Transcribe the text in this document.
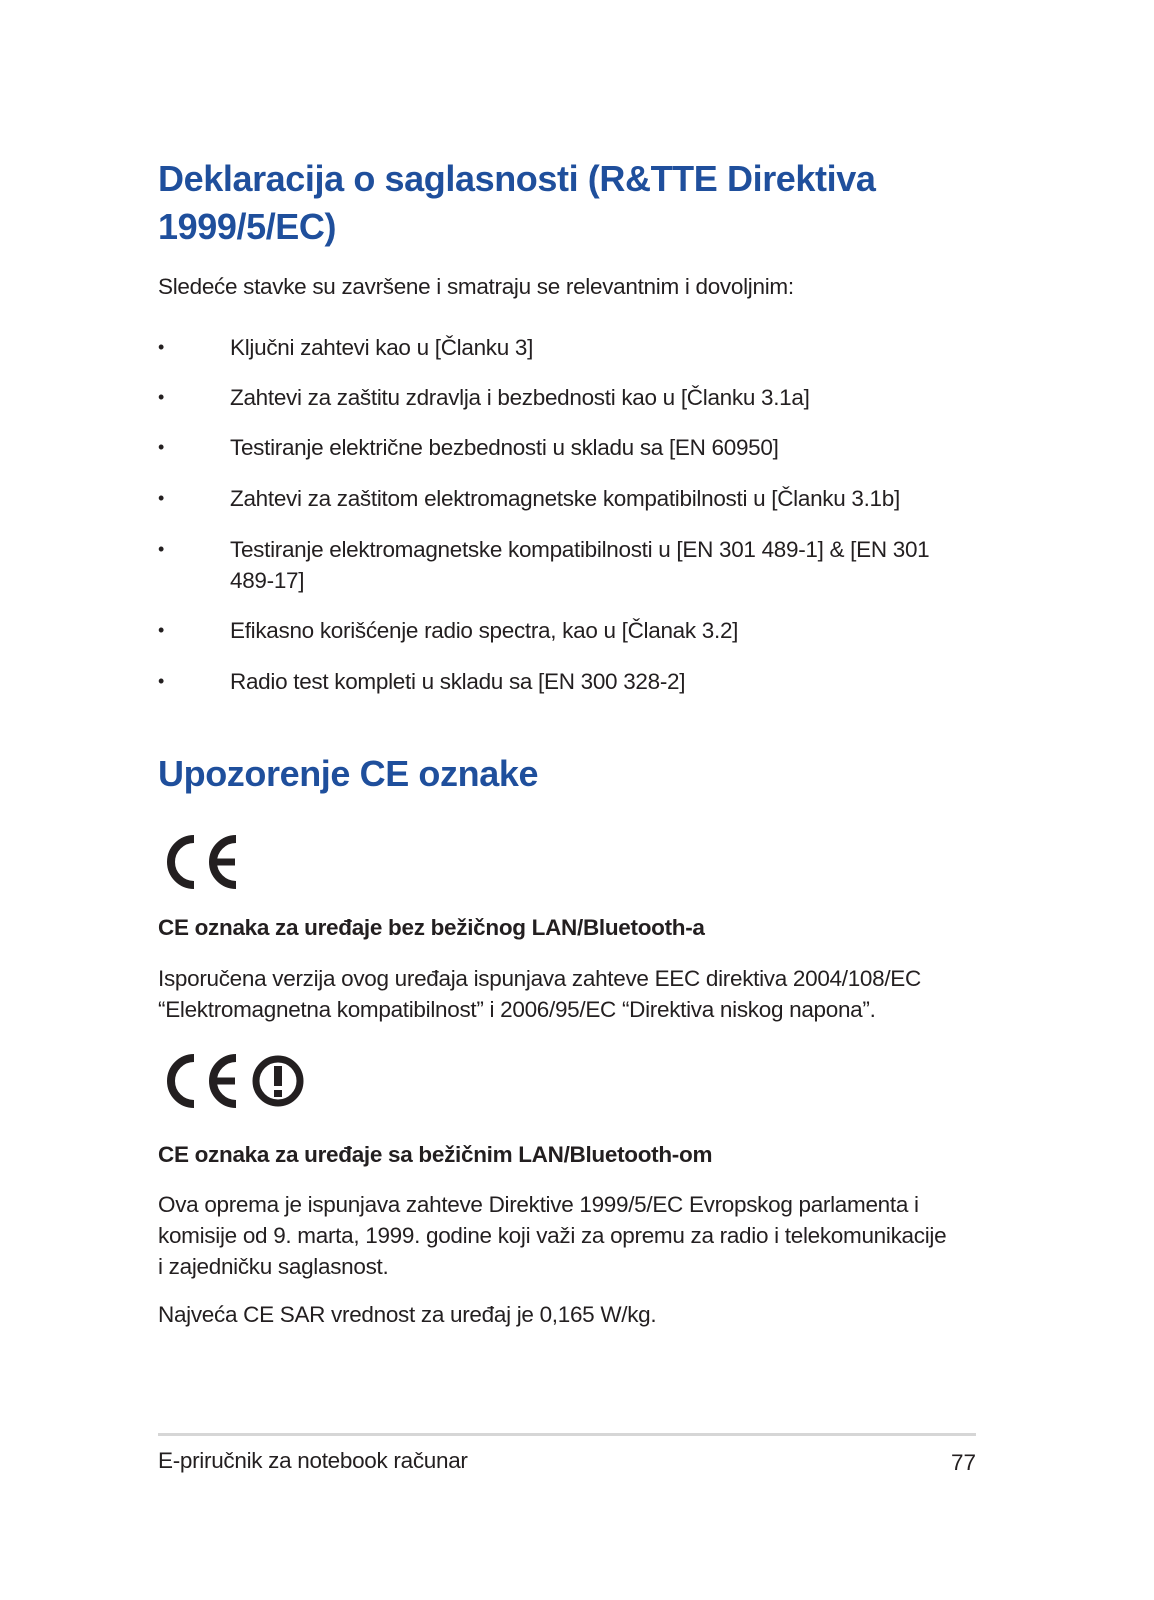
Deklaracija o saglasnosti (R&TTE Direktiva
1999/5/EC)

Sledeće stavke su završene i smatraju se relevantnim i dovoljnim:

•	Ključni zahtevi kao u [Članku 3]
•	Zahtevi za zaštitu zdravlja i bezbednosti kao u [Članku 3.1a]
•	Testiranje električne bezbednosti u skladu sa [EN 60950]
•	Zahtevi za zaštitom elektromagnetske kompatibilnosti u [Članku 3.1b]
•	Testiranje elektromagnetske kompatibilnosti u [EN 301 489-1] & [EN 301
489-17]
•	Efikasno korišćenje radio spectra, kao u [Članak 3.2]
•	Radio test kompleti u skladu sa [EN 300 328-2]
Upozorenje CE oznake
CE oznaka za uređaje bez bežičnog LAN/Bluetooth-a

Isporučena verzija ovog uređaja ispunjava zahteve EEC direktiva 2004/108/EC
“Elektromagnetna kompatibilnost” i 2006/95/EC “Direktiva niskog napona”.

CE oznaka za uređaje sa bežičnim LAN/Bluetooth-om

Ova oprema je ispunjava zahteve Direktive 1999/5/EC Evropskog parlamenta i
komisije od 9. marta, 1999. godine koji važi za opremu za radio i telekomunikacije
i zajedničku saglasnost.

Najveća CE SAR vrednost za uređaj je 0,165 W/kg.

E-priručnik za notebook računar	77
